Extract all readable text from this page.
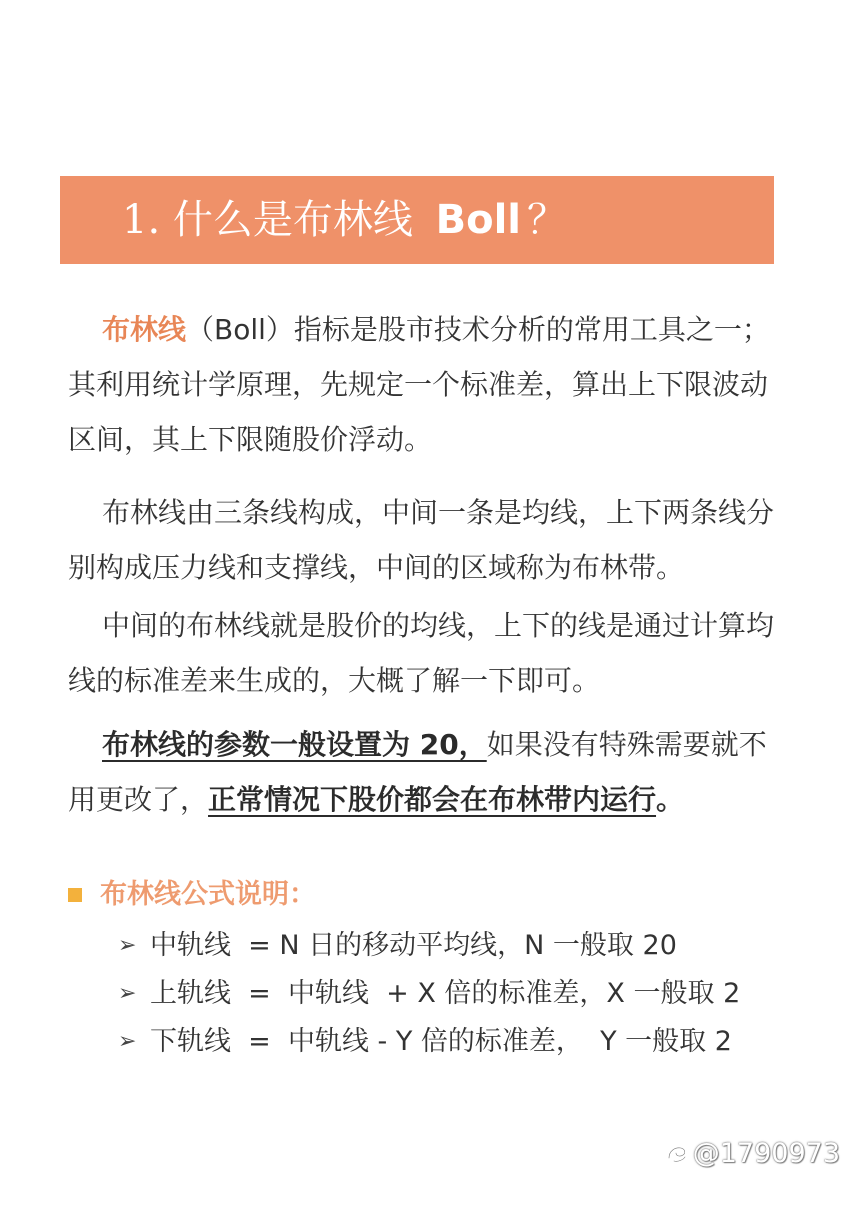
1. 什么是布林线 Boll ？

布林线（Boll）指标是股市技术分析的常用工具之一；其利用统计学原理，先规定一个标准差，算出上下限波动区间，其上下限随股价浮动。

布林线由三条线构成，中间一条是均线，上下两条线分别构成压力线和支撑线，中间的区域称为布林带。

中间的布林线就是股价的均线，上下的线是通过计算均线的标准差来生成的，大概了解一下即可。

布林线的参数一般设置为 20，如果没有特殊需要就不用更改了，正常情况下股价都会在布林带内运行。

布林线公式说明：
➢ 中轨线  = N 日的移动平均线，N 一般取 20
➢ 上轨线  =  中轨线  + X 倍的标准差，X 一般取 2
➢ 下轨线  =  中轨线 - Y 倍的标准差，  Y 一般取 2
@1790973
